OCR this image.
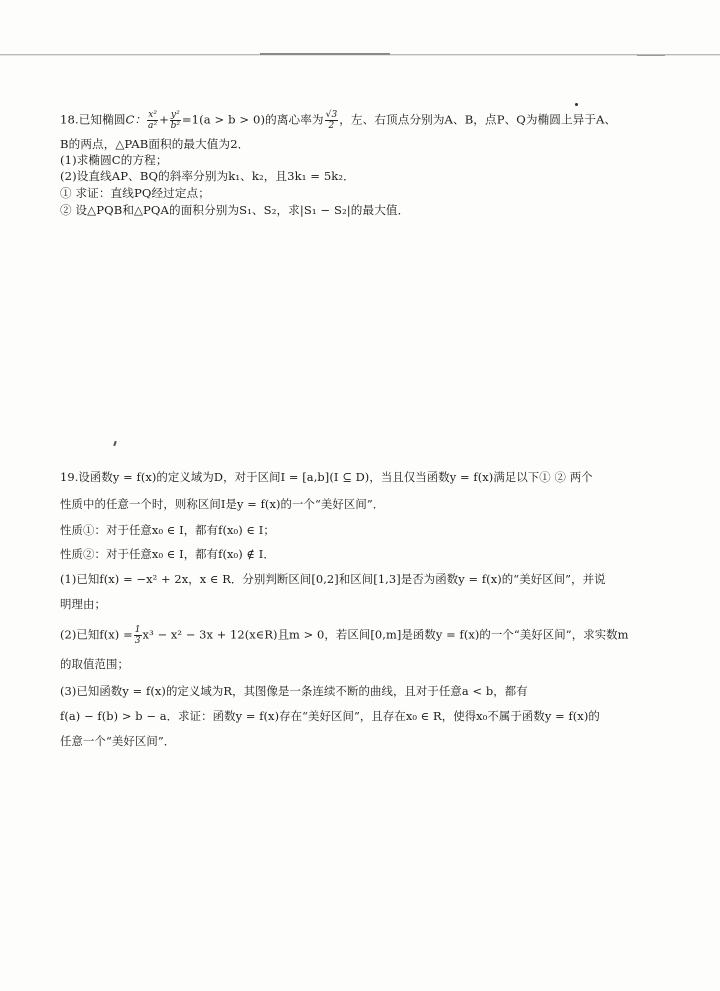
18.已知椭圆C： $\frac{\text{x²}}{\text{a²}} + \frac{\text{y²}}{\text{b²}} =1(a > b > 0)$的离心率为 $\frac{√3}{2}$ ，左、右顶点分别为A、B，点P、Q为椭圆上异于A、
B的两点，△PAB面积的最大值为2．
(1)求椭圆C的方程；
(2)设直线AP、BQ的斜率分别为k₁、k₂，且3k₁ = 5k₂．
① 求证：直线PQ经过定点；
② 设△PQB和△PQA的面积分别为S₁、S₂，求|S₁ − S₂|的最大值．
19.设函数y = f(x)的定义域为D，对于区间I = [a,b](I ⊆ D)，当且仅当函数y = f(x)满足以下① ② 两个
性质中的任意一个时，则称区间I是y = f(x)的一个“美好区间”．
性质①：对于任意x₀ ∈ I，都有f(x₀) ∈ I；
性质②：对于任意x₀ ∈ I，都有f(x₀) ∉ I．
(1)已知f(x) = −x² + 2x，x ∈ R．分别判断区间[0,2]和区间[1,3]是否为函数y = f(x)的“美好区间”，并说
明理由；
(2)已知$f(x) = \frac{1}{3} x^3 - x^2 - 3x$ + 12(x∈R)且m > 0，若区间[0,m]是函数y = f(x)的一个“美好区间”，求实数m
的取值范围；
(3)已知函数y = f(x)的定义域为R，其图像是一条连续不断的曲线，且对于任意a < b，都有
f(a) − f(b) > b − a．求证：函数y = f(x)存在“美好区间”，且存在x₀ ∈ R，使得x₀不属于函数y = f(x)的
任意一个“美好区间”．
